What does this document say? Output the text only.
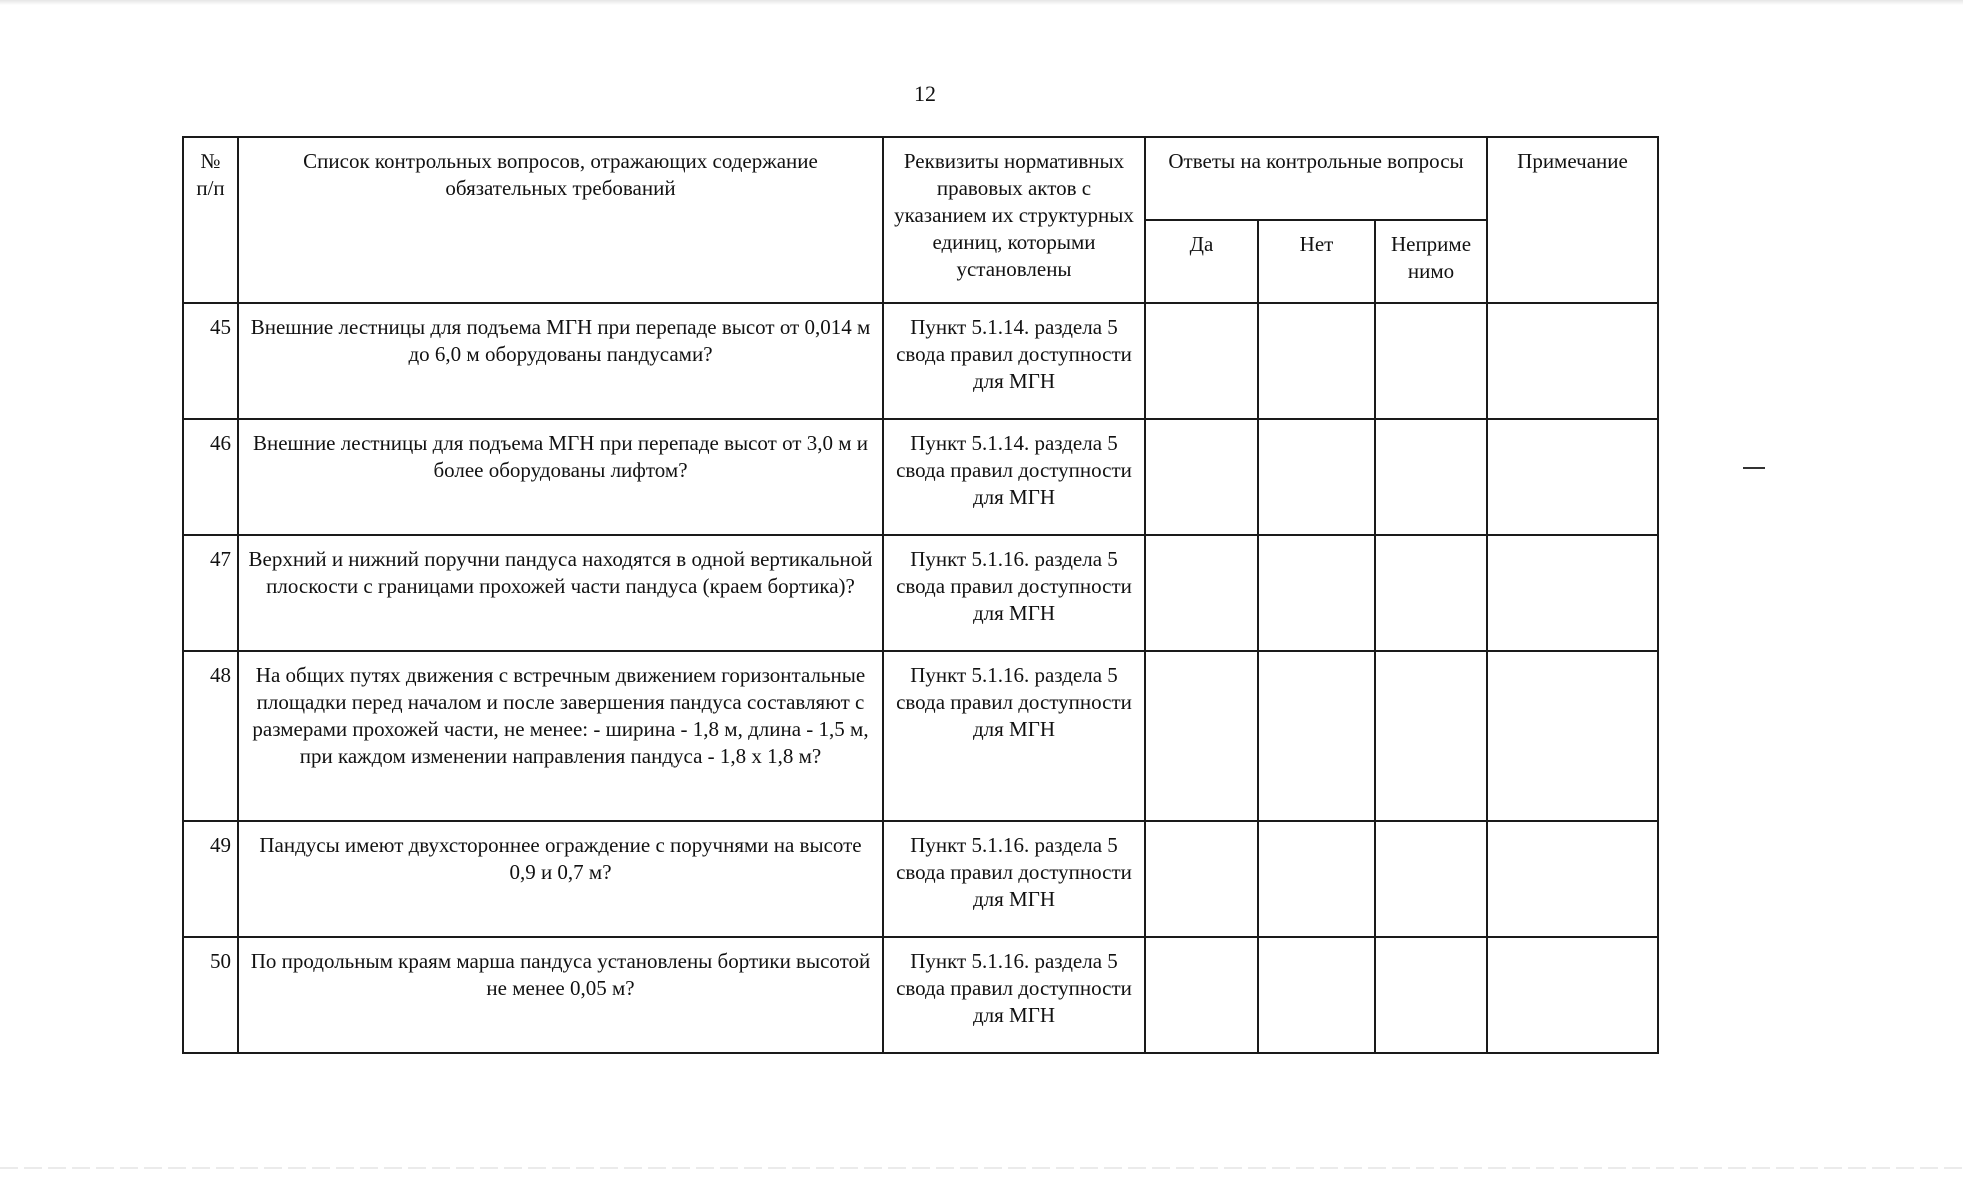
12
№ п/п	Список контрольных вопросов, отражающих содержание обязательных требований	Реквизиты нормативных правовых актов с указанием их структурных единиц, которыми установлены	Ответы на контрольные вопросы			Примечание
			Да	Нет	Неприме нимо	
45	Внешние лестницы для подъема МГН при перепаде высот от 0,014 м до 6,0 м оборудованы пандусами?	Пункт 5.1.14. раздела 5 свода правил доступности для МГН				
46	Внешние лестницы для подъема МГН при перепаде высот от 3,0 м и более оборудованы лифтом?	Пункт 5.1.14. раздела 5 свода правил доступности для МГН				
47	Верхний и нижний поручни пандуса находятся в одной вертикальной плоскости с границами прохожей части пандуса (краем бортика)?	Пункт 5.1.16. раздела 5 свода правил доступности для МГН				
48	На общих путях движения с встречным движением горизонтальные площадки перед началом и после завершения пандуса составляют с размерами прохожей части, не менее: - ширина - 1,8 м, длина - 1,5 м, при каждом изменении направления пандуса - 1,8 х 1,8 м?	Пункт 5.1.16. раздела 5 свода правил доступности для МГН				
49	Пандусы имеют двухстороннее ограждение с поручнями на высоте 0,9 и 0,7 м?	Пункт 5.1.16. раздела 5 свода правил доступности для МГН				
50	По продольным краям марша пандуса установлены бортики высотой не менее 0,05 м?	Пункт 5.1.16. раздела 5 свода правил доступности для МГН				
